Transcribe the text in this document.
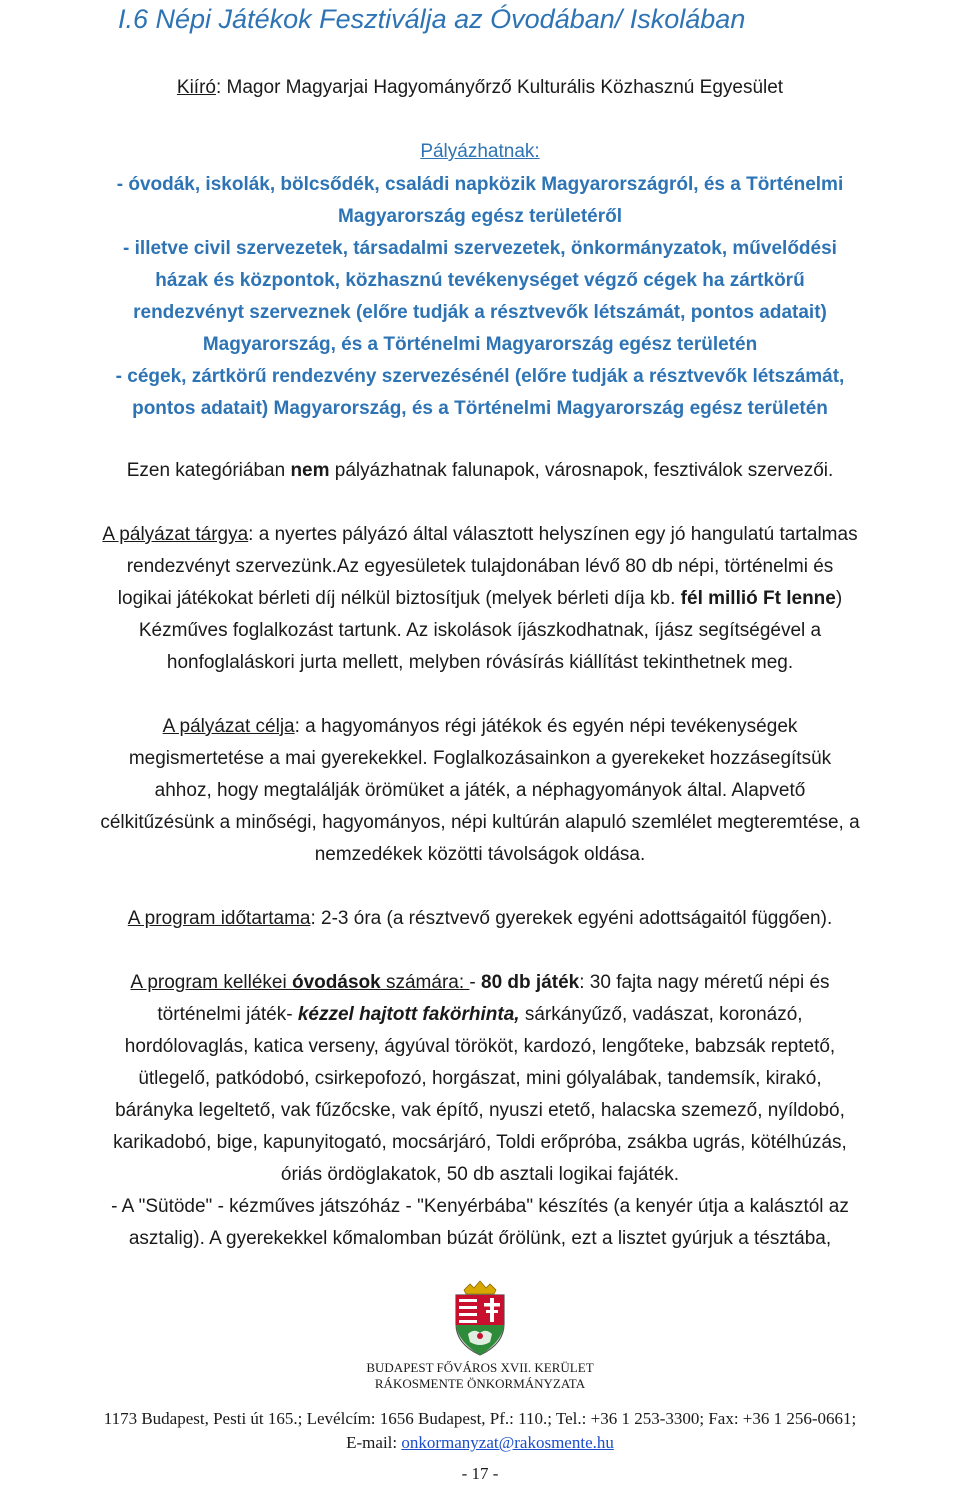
I.6 Népi Játékok Fesztiválja az Óvodában/ Iskolában
Kiíró: Magor Magyarjai Hagyományőrző Kulturális Közhasznú Egyesület
Pályázhatnak:
- óvodák, iskolák, bölcsődék, családi napközik Magyarországról, és a Történelmi
Magyarország egész területéről
- illetve civil szervezetek, társadalmi szervezetek, önkormányzatok, művelődési
házak és központok, közhasznú tevékenységet végző cégek ha zártkörű
rendezvényt szerveznek (előre tudják a résztvevők létszámát, pontos adatait)
Magyarország, és a Történelmi Magyarország egész területén
- cégek, zártkörű rendezvény szervezésénél (előre tudják a résztvevők létszámát,
pontos adatait) Magyarország, és a Történelmi Magyarország egész területén
Ezen kategóriában nem pályázhatnak falunapok, városnapok, fesztiválok szervezői.
A pályázat tárgya: a nyertes pályázó által választott helyszínen egy jó hangulatú tartalmas
rendezvényt szervezünk.Az egyesületek tulajdonában lévő 80 db népi, történelmi és
logikai játékokat bérleti díj nélkül biztosítjuk (melyek bérleti díja kb. fél millió Ft lenne)
Kézműves foglalkozást tartunk. Az iskolások íjászkodhatnak, íjász segítségével a
honfoglaláskori jurta mellett, melyben róvásírás kiállítást tekinthetnek meg.
A pályázat célja: a hagyományos régi játékok és egyén népi tevékenységek
megismertetése a mai gyerekekkel. Foglalkozásainkon a gyerekeket hozzásegítsük
ahhoz, hogy megtalálják örömüket a játék, a néphagyományok által. Alapvető
célkitűzésünk a minőségi, hagyományos, népi kultúrán alapuló szemlélet megteremtése, a
nemzedékek közötti távolságok oldása.
A program időtartama: 2-3 óra (a résztvevő gyerekek egyéni adottságaitól függően).
A program kellékei óvodások számára: - 80 db játék: 30 fajta nagy méretű népi és
történelmi játék- kézzel hajtott fakörhinta, sárkányűző, vadászat, koronázó,
hordólovaglás, katica verseny, ágyúval törököt, kardozó, lengőteke, babzsák reptető,
ütlegelő, patkódobó, csirkepofozó, horgászat, mini gólyalábak, tandemsík, kirakó,
bárányka legeltető, vak fűzőcske, vak építő, nyuszi etető, halacska szemező, nyíldobó,
karikadobó, bige, kapunyitogató, mocsárjáró, Toldi erőpróba, zsákba ugrás, kötélhúzás,
óriás ördöglakatok, 50 db asztali logikai fajáték.
- A "Sütöde" - kézműves játszóház - "Kenyérbába" készítés (a kenyér útja a kalásztól az
asztalig). A gyerekekkel kőmalomban búzát őrölünk, ezt a lisztet gyúrjuk a tésztába,
BUDAPEST FŐVÁROS XVII. KERÜLET
RÁKOSMENTE ÖNKORMÁNYZATA
1173 Budapest, Pesti út 165.; Levélcím: 1656 Budapest, Pf.: 110.; Tel.: +36 1 253-3300; Fax: +36 1 256-0661;
E-mail: onkormanyzat@rakosmente.hu
- 17 -
